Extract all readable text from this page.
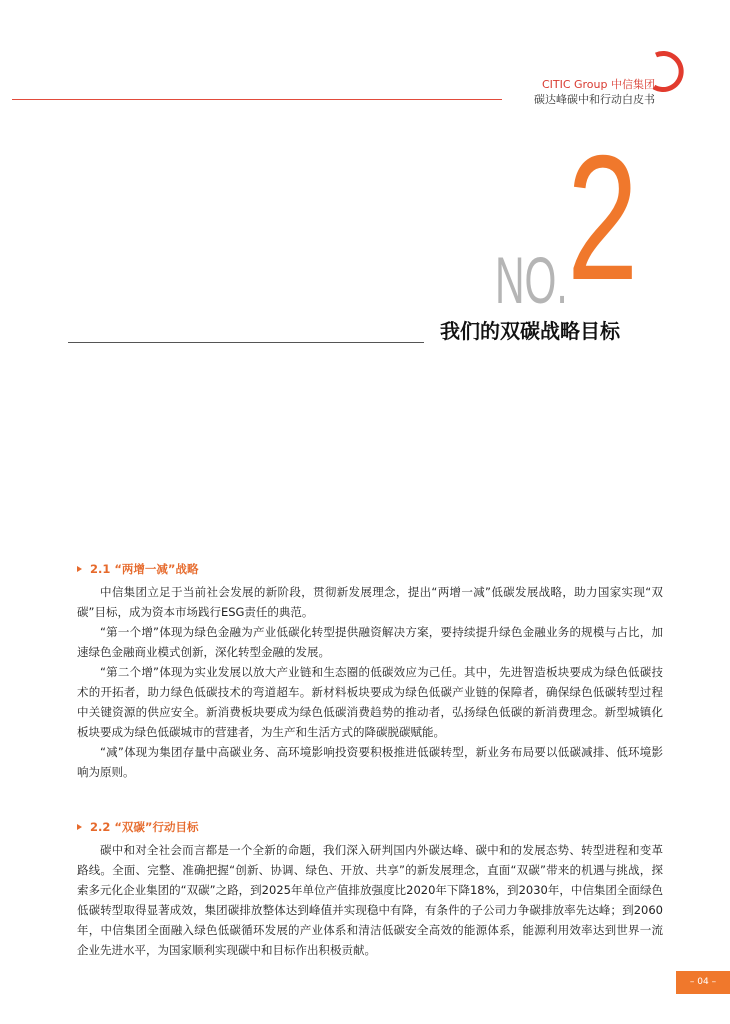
CITIC Group 中信集团
碳达峰碳中和行动白皮书
2
NO.
我们的双碳战略目标
2.1 “两增一减”战略

中信集团立足于当前社会发展的新阶段，贯彻新发展理念，提出“两增一减”低碳发展战略，助力国家实现“双碳”目标，成为资本市场践行ESG责任的典范。

“第一个增”体现为绿色金融为产业低碳化转型提供融资解决方案，要持续提升绿色金融业务的规模与占比，加速绿色金融商业模式创新，深化转型金融的发展。

“第二个增”体现为实业发展以放大产业链和生态圈的低碳效应为己任。其中，先进智造板块要成为绿色低碳技术的开拓者，助力绿色低碳技术的弯道超车。新材料板块要成为绿色低碳产业链的保障者，确保绿色低碳转型过程中关键资源的供应安全。新消费板块要成为绿色低碳消费趋势的推动者，弘扬绿色低碳的新消费理念。新型城镇化板块要成为绿色低碳城市的营建者，为生产和生活方式的降碳脱碳赋能。

“减”体现为集团存量中高碳业务、高环境影响投资要积极推进低碳转型，新业务布局要以低碳减排、低环境影响为原则。

2.2 “双碳”行动目标

碳中和对全社会而言都是一个全新的命题，我们深入研判国内外碳达峰、碳中和的发展态势、转型进程和变革路线。全面、完整、准确把握“创新、协调、绿色、开放、共享”的新发展理念，直面“双碳”带来的机遇与挑战，探索多元化企业集团的“双碳”之路，到2025年单位产值排放强度比2020年下降18%，到2030年，中信集团全面绿色低碳转型取得显著成效，集团碳排放整体达到峰值并实现稳中有降，有条件的子公司力争碳排放率先达峰；到2060年，中信集团全面融入绿色低碳循环发展的产业体系和清洁低碳安全高效的能源体系，能源利用效率达到世界一流企业先进水平，为国家顺利实现碳中和目标作出积极贡献。

– 04 –
